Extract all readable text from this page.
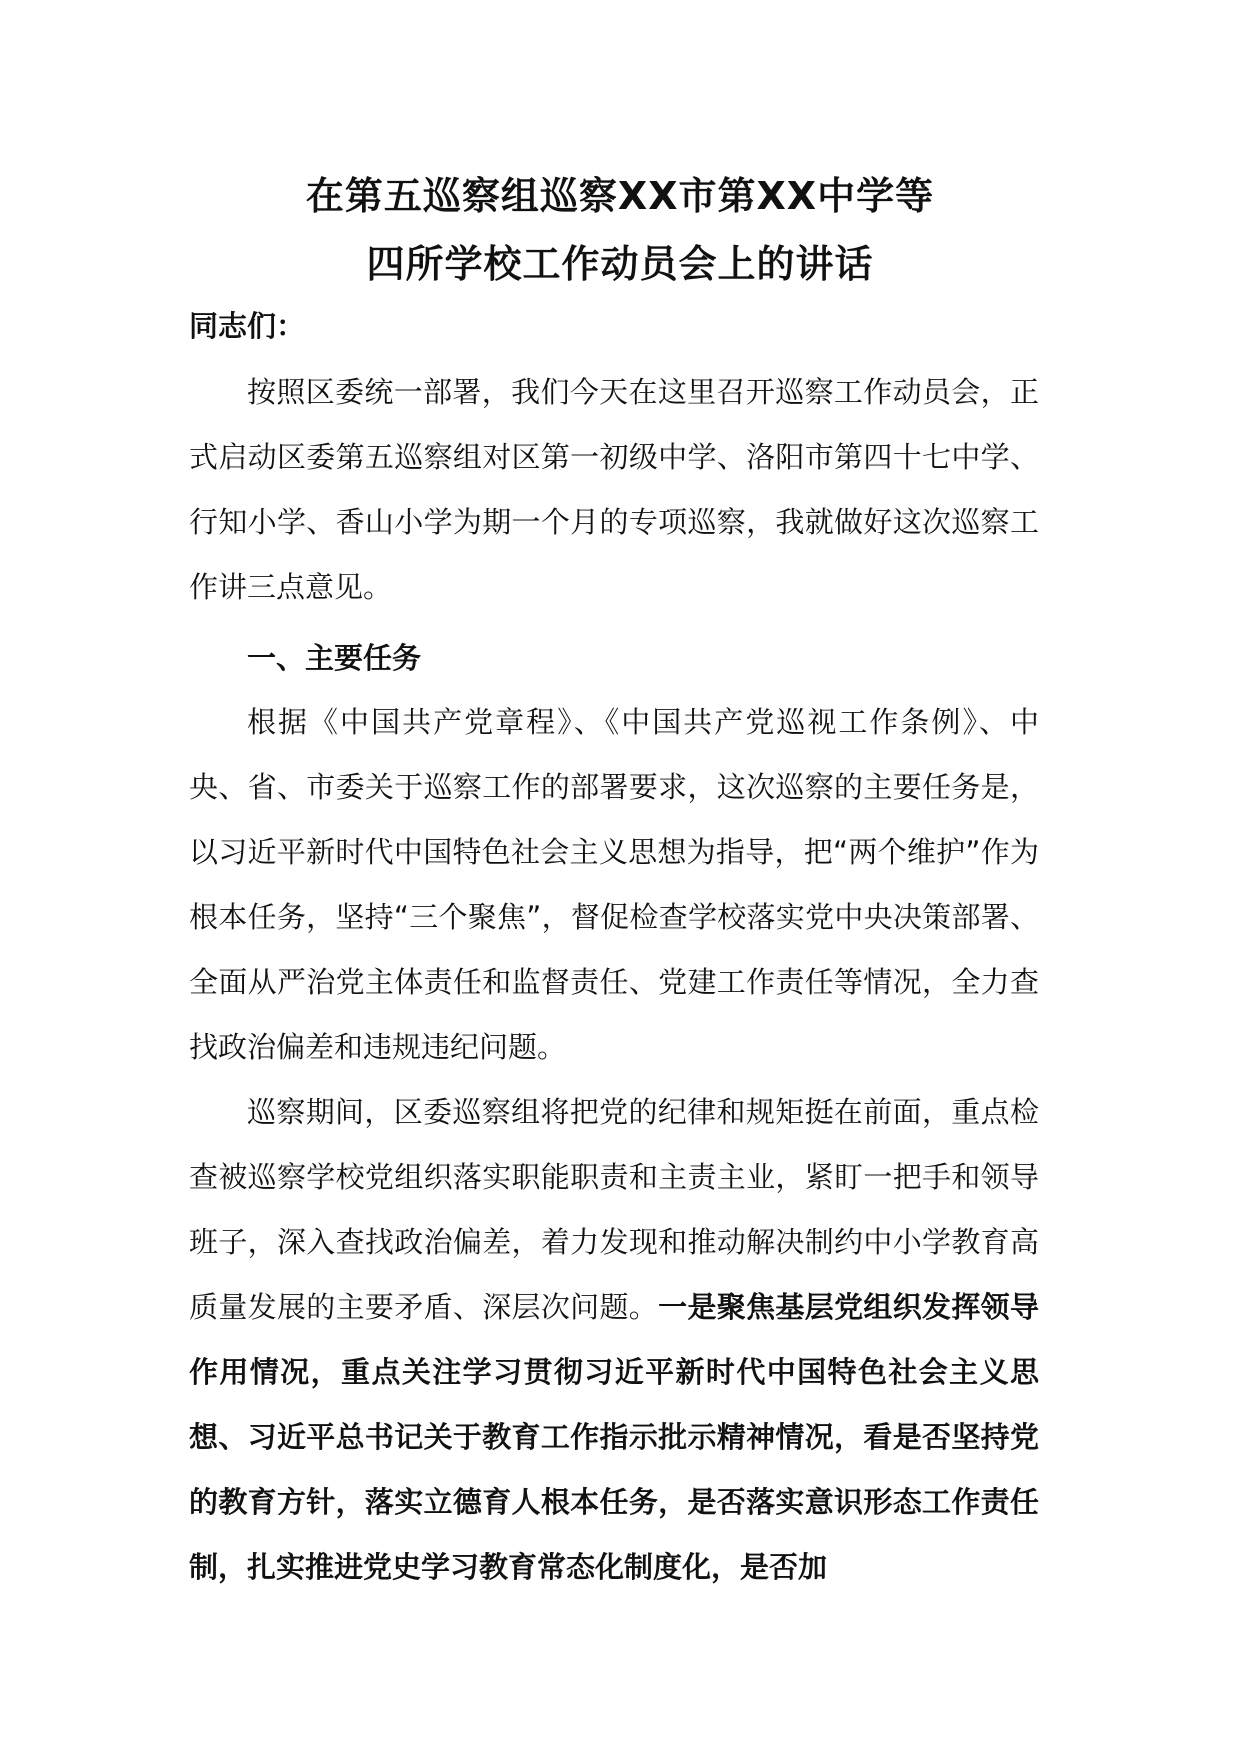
在第五巡察组巡察XX市第XX中学等
四所学校工作动员会上的讲话
同志们：
按照区委统一部署，我们今天在这里召开巡察工作动员会，正式启动区委第五巡察组对区第一初级中学、洛阳市第四十七中学、行知小学、香山小学为期一个月的专项巡察，我就做好这次巡察工作讲三点意见。
一、主要任务
根据《中国共产党章程》、《中国共产党巡视工作条例》、中央、省、市委关于巡察工作的部署要求，这次巡察的主要任务是，以习近平新时代中国特色社会主义思想为指导，把“两个维护”作为根本任务，坚持“三个聚焦”，督促检查学校落实党中央决策部署、全面从严治党主体责任和监督责任、党建工作责任等情况，全力查找政治偏差和违规违纪问题。
巡察期间，区委巡察组将把党的纪律和规矩挺在前面，重点检查被巡察学校党组织落实职能职责和主责主业，紧盯一把手和领导班子，深入查找政治偏差，着力发现和推动解决制约中小学教育高质量发展的主要矛盾、深层次问题。一是聚焦基层党组织发挥领导作用情况，重点关注学习贯彻习近平新时代中国特色社会主义思想、习近平总书记关于教育工作指示批示精神情况，看是否坚持党的教育方针，落实立德育人根本任务，是否落实意识形态工作责任制，扎实推进党史学习教育常态化制度化，是否加
